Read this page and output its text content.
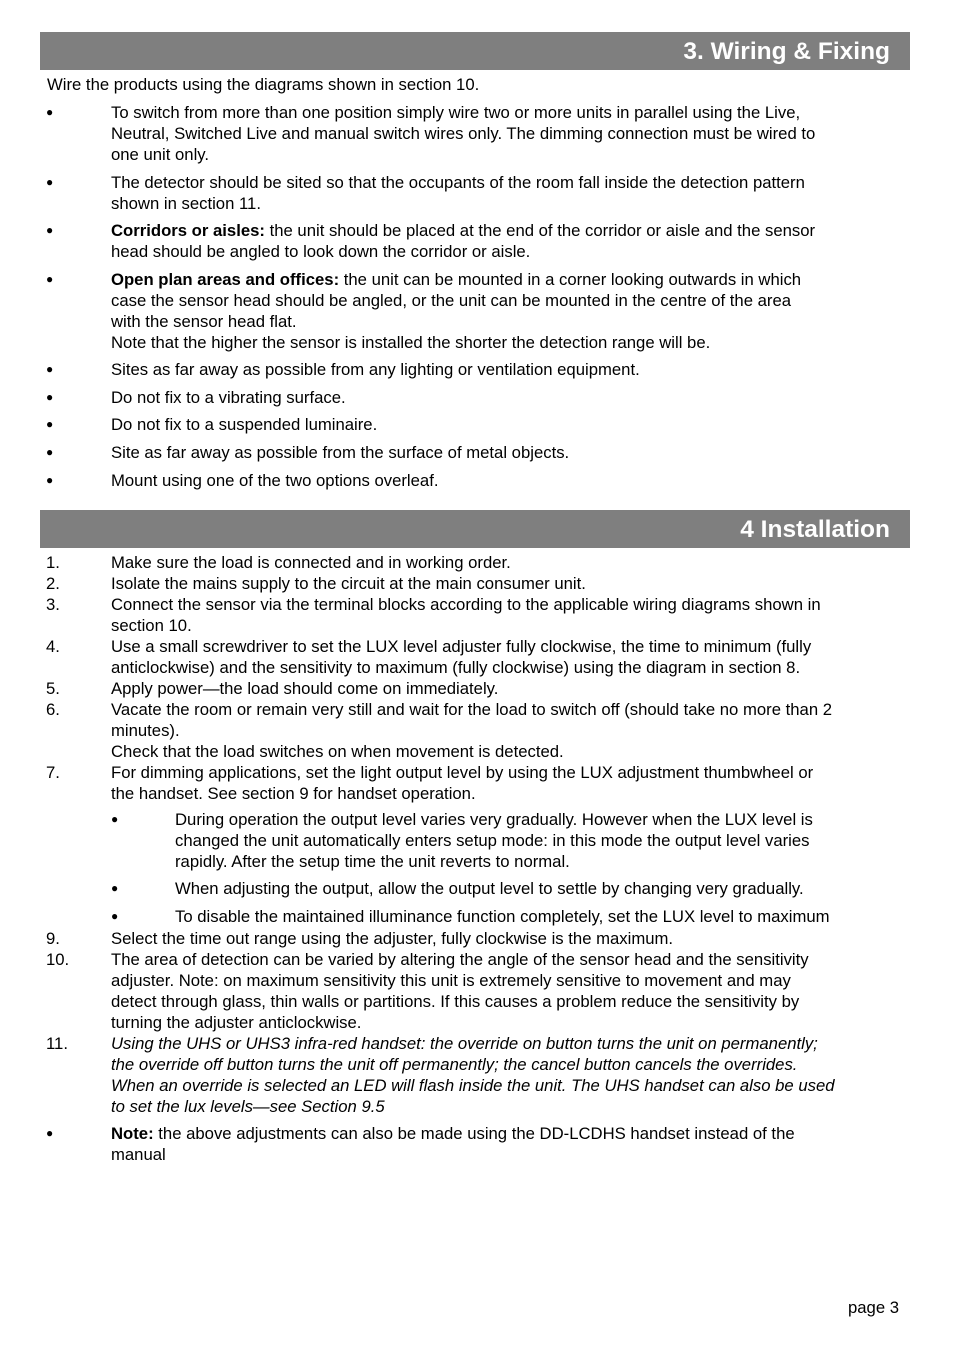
3. Wiring & Fixing
Wire the products using the diagrams shown in section 10.
●	To switch from more than one position simply wire two or more units in parallel using the Live,
Neutral, Switched Live and manual switch wires only. The dimming connection must be wired to
one unit only.
●	The detector should be sited so that the occupants of the room fall inside the detection pattern
shown in section 11.
●	Corridors or aisles: the unit should be placed at the end of the corridor or aisle and the sensor
head should be angled to look down the corridor or aisle.
●	Open plan areas and offices: the unit can be mounted in a corner looking outwards in which
case the sensor head should be angled, or the unit can be mounted in the centre of the area
with the sensor head flat.
Note that the higher the sensor is installed the shorter the detection range will be.
●	Sites as far away as possible from any lighting or ventilation equipment.
●	Do not fix to a vibrating surface.
●	Do not fix to a suspended luminaire.
●	Site as far away as possible from the surface of metal objects.
●	Mount using one of the two options overleaf.
4 Installation
1.	Make sure the load is connected and in working order.
2.	Isolate the mains supply to the circuit at the main consumer unit.
3.	Connect the sensor via the terminal blocks according to the applicable wiring diagrams shown in
section 10.
4.	Use a small screwdriver to set the LUX level adjuster fully clockwise, the time to minimum (fully
anticlockwise) and the sensitivity to maximum (fully clockwise) using the diagram in section 8.
5.	Apply power—the load should come on immediately.
6.	Vacate the room or remain very still and wait for the load to switch off (should take no more than 2
minutes).
Check that the load switches on when movement is detected.
7.	For dimming applications, set the light output level by using the LUX adjustment thumbwheel or
the handset. See section 9 for handset operation.
●	During operation the output level varies very gradually. However when the LUX level is
changed the unit automatically enters setup mode: in this mode the output level varies
rapidly. After the setup time the unit reverts to normal.
●	When adjusting the output, allow the output level to settle by changing very gradually.
●	To disable the maintained illuminance function completely, set the LUX level to maximum
9.	Select the time out range using the adjuster, fully clockwise is the maximum.
10.	The area of detection can be varied by altering the angle of the sensor head and the sensitivity
adjuster. Note: on maximum sensitivity this unit is extremely sensitive to movement and may
detect through glass, thin walls or partitions. If this causes a problem reduce the sensitivity by
turning the adjuster anticlockwise.
11.	Using the UHS or UHS3 infra-red handset: the override on button turns the unit on permanently;
the override off button turns the unit off permanently; the cancel button cancels the overrides.
When an override is selected an LED will flash inside the unit. The UHS handset can also be used
to set the lux levels—see Section 9.5
●	Note: the above adjustments can also be made using the DD-LCDHS handset instead of the
manual
page 3
